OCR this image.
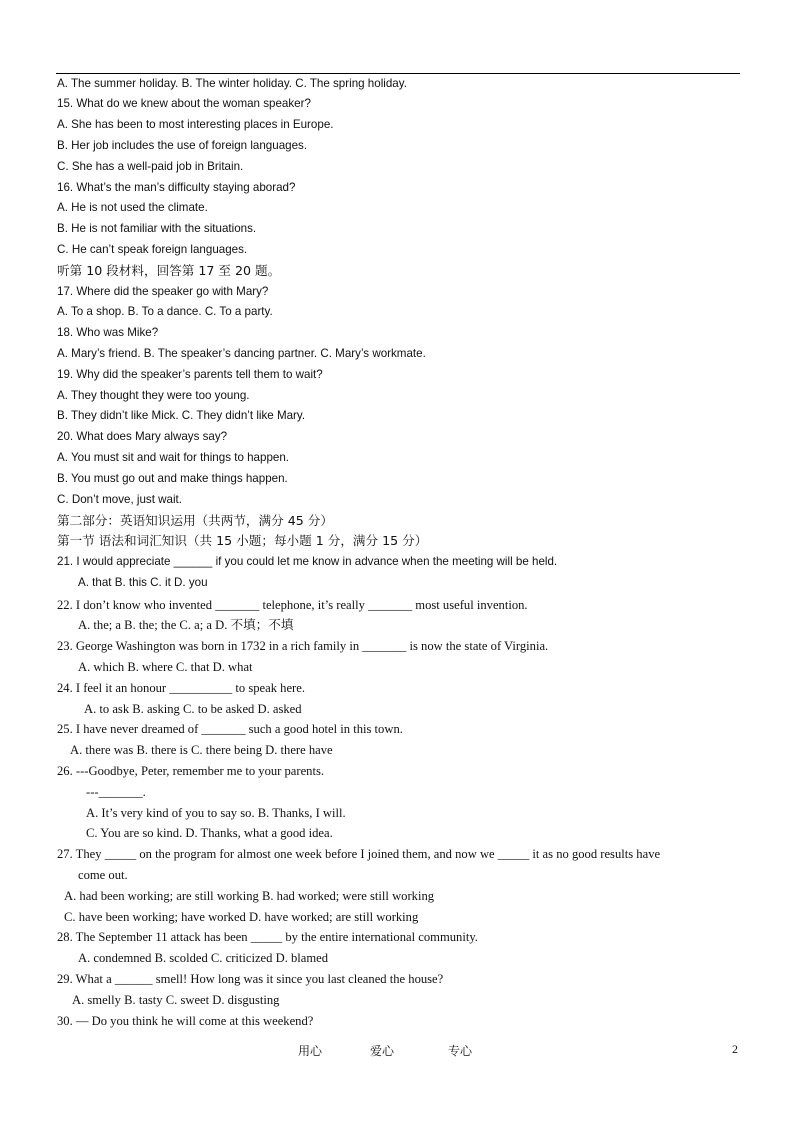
A. The summer holiday. B. The winter holiday. C. The spring holiday.
15. What do we knew about the woman speaker?
A. She has been to most interesting places in Europe.
B. Her job includes the use of foreign languages.
C. She has a well-paid job in Britain.
16. What’s the man’s difficulty staying aborad?
A. He is not used the climate.
B. He is not familiar with the situations.
C. He can’t speak foreign languages.
听第 10 段材料，回答第 17 至 20 题。
17. Where did the speaker go with Mary?
A. To a shop. B. To a dance. C. To a party.
18. Who was Mike?
A. Mary’s friend. B. The speaker’s dancing partner. C. Mary’s workmate.
19. Why did the speaker’s parents tell them to wait?
A. They thought they were too young.
B. They didn’t like Mick. C. They didn’t like Mary.
20. What does Mary always say?
A. You must sit and wait for things to happen.
B. You must go out and make things happen.
C. Don’t move, just wait.
第二部分：英语知识运用（共两节，满分 45 分）
第一节 语法和词汇知识（共 15 小题；每小题 1 分，满分 15 分）
21. I would appreciate ______ if you could let me know in advance when the meeting will be held.
A. that B. this C. it D. you
22. I don’t know who invented _______ telephone, it’s really _______ most useful invention.
A. the; a B. the; the C. a; a D. 不填；不填
23. George Washington was born in 1732 in a rich family in _______ is now the state of Virginia.
A. which B. where C. that D. what
24. I feel it an honour __________ to speak here.
A. to ask B. asking C. to be asked D. asked
25. I have never dreamed of _______ such a good hotel in this town.
A. there was B. there is C. there being D. there have
26. ---Goodbye, Peter, remember me to your parents.
---_______.
A. It’s very kind of you to say so. B. Thanks, I will.
C. You are so kind. D. Thanks, what a good idea.
27. They _____ on the program for almost one week before I joined them, and now we _____ it as no good results have
come out.
A. had been working; are still working B. had worked; were still working
C. have been working; have worked D. have worked; are still working
28. The September 11 attack has been _____ by the entire international community.
A. condemned B. scolded C. criticized D. blamed
29. What a ______ smell! How long was it since you last cleaned the house?
A. smelly B. tasty C. sweet D. disgusting
30. — Do you think he will come at this weekend?
用心	爱心	专心	2
